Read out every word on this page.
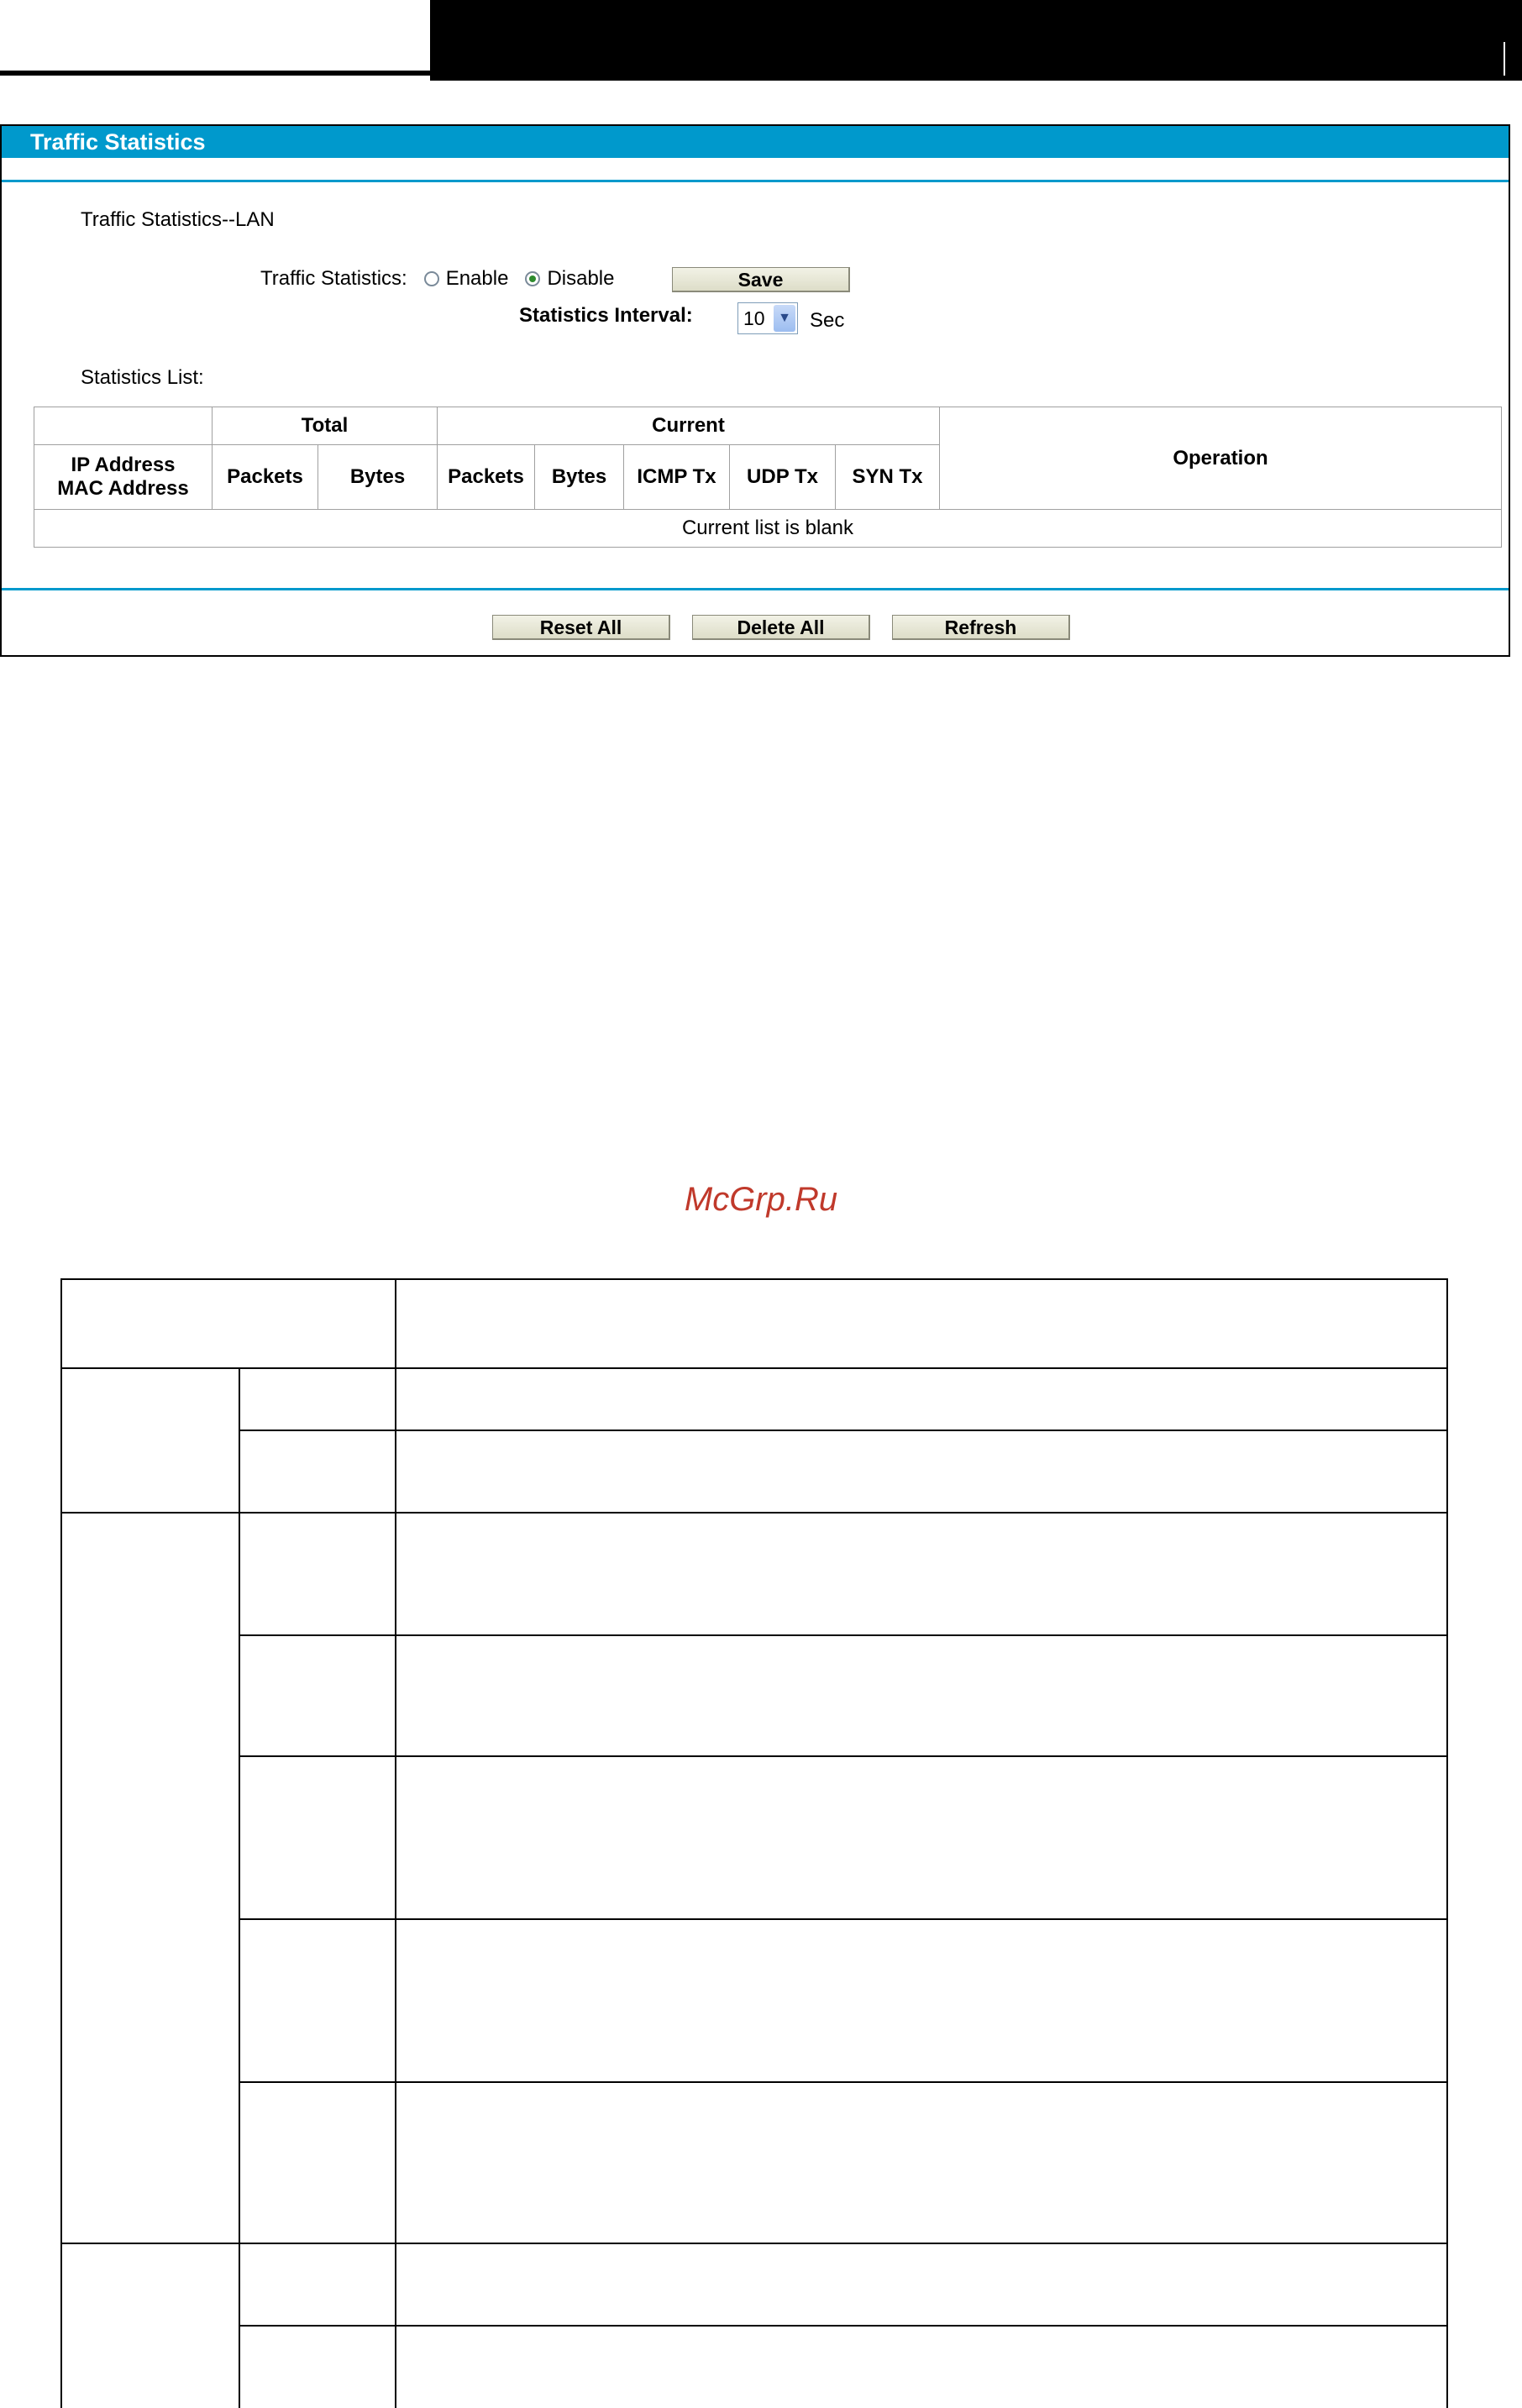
Traffic Statistics
Traffic Statistics--LAN
Traffic Statistics: Enable Disable	Save
Statistics Interval:	10 ▼ Sec
Statistics List:
	Total		Current					Operation

IP Address
MAC Address	Packets	Bytes	Packets	Bytes	ICMP Tx	UDP Tx	SYN Tx	
Current list is blank								
Reset All	Delete All	Refresh
McGrp.Ru
